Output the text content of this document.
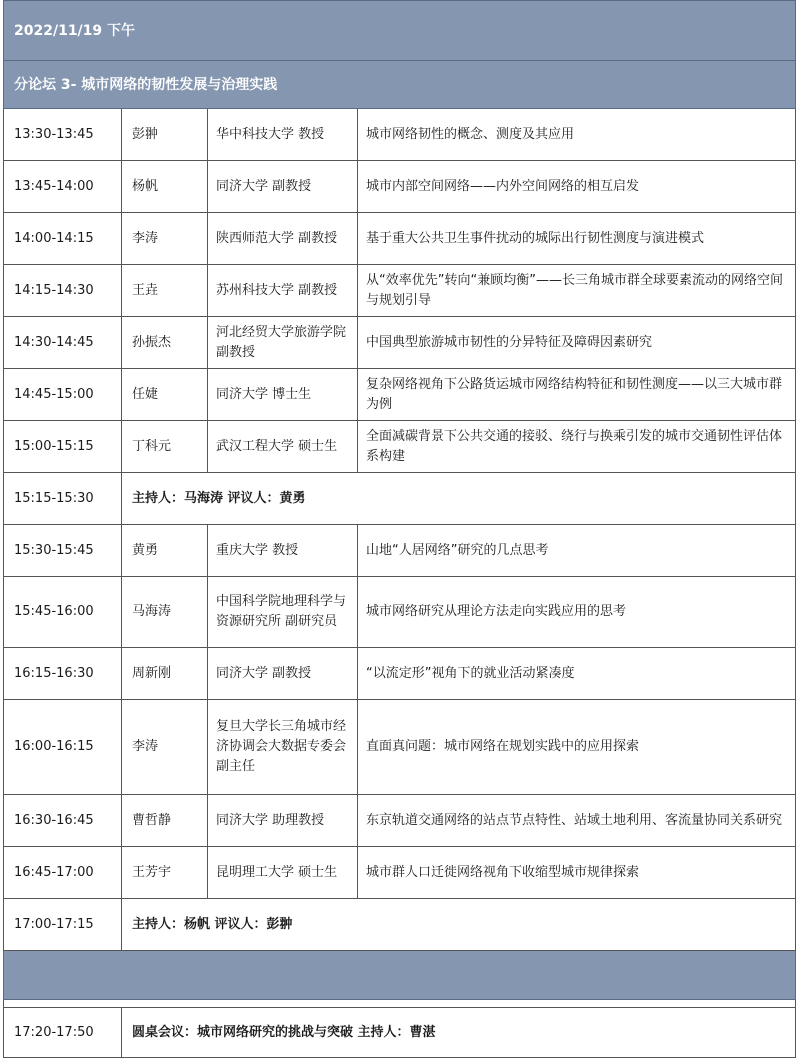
2022/11/19 下午			
分论坛 3- 城市网络的韧性发展与治理实践			
13:30-13:45	彭翀	华中科技大学 教授	城市网络韧性的概念、测度及其应用
13:45-14:00	杨帆	同济大学 副教授	城市内部空间网络——内外空间网络的相互启发
14:00-14:15	李涛	陕西师范大学 副教授	基于重大公共卫生事件扰动的城际出行韧性测度与演进模式
14:15-14:30	王垚	苏州科技大学 副教授	从“效率优先”转向“兼顾均衡”——长三角城市群全球要素流动的网络空间与规划引导
14:30-14:45	孙振杰	河北经贸大学旅游学院 副教授	中国典型旅游城市韧性的分异特征及障碍因素研究
14:45-15:00	任婕	同济大学 博士生	复杂网络视角下公路货运城市网络结构特征和韧性测度——以三大城市群为例
15:00-15:15	丁科元	武汉工程大学 硕士生	全面减碳背景下公共交通的接驳、绕行与换乘引发的城市交通韧性评估体系构建
15:15-15:30	主持人：马海涛 评议人：黄勇		
15:30-15:45	黄勇	重庆大学 教授	山地“人居网络”研究的几点思考
15:45-16:00	马海涛	中国科学院地理科学与资源研究所 副研究员	城市网络研究从理论方法走向实践应用的思考
16:15-16:30	周新刚	同济大学 副教授	“以流定形”视角下的就业活动紧凑度
16:00-16:15	李涛	复旦大学长三角城市经济协调会大数据专委会 副主任	直面真问题：城市网络在规划实践中的应用探索
16:30-16:45	曹哲静	同济大学 助理教授	东京轨道交通网络的站点节点特性、站域土地利用、客流量协同关系研究
16:45-17:00	王芳宇	昆明理工大学 硕士生	城市群人口迁徙网络视角下收缩型城市规律探索
17:00-17:15	主持人：杨帆 评议人：彭翀		

17:20-17:50	圆桌会议：城市网络研究的挑战与突破 主持人：曹湛		
